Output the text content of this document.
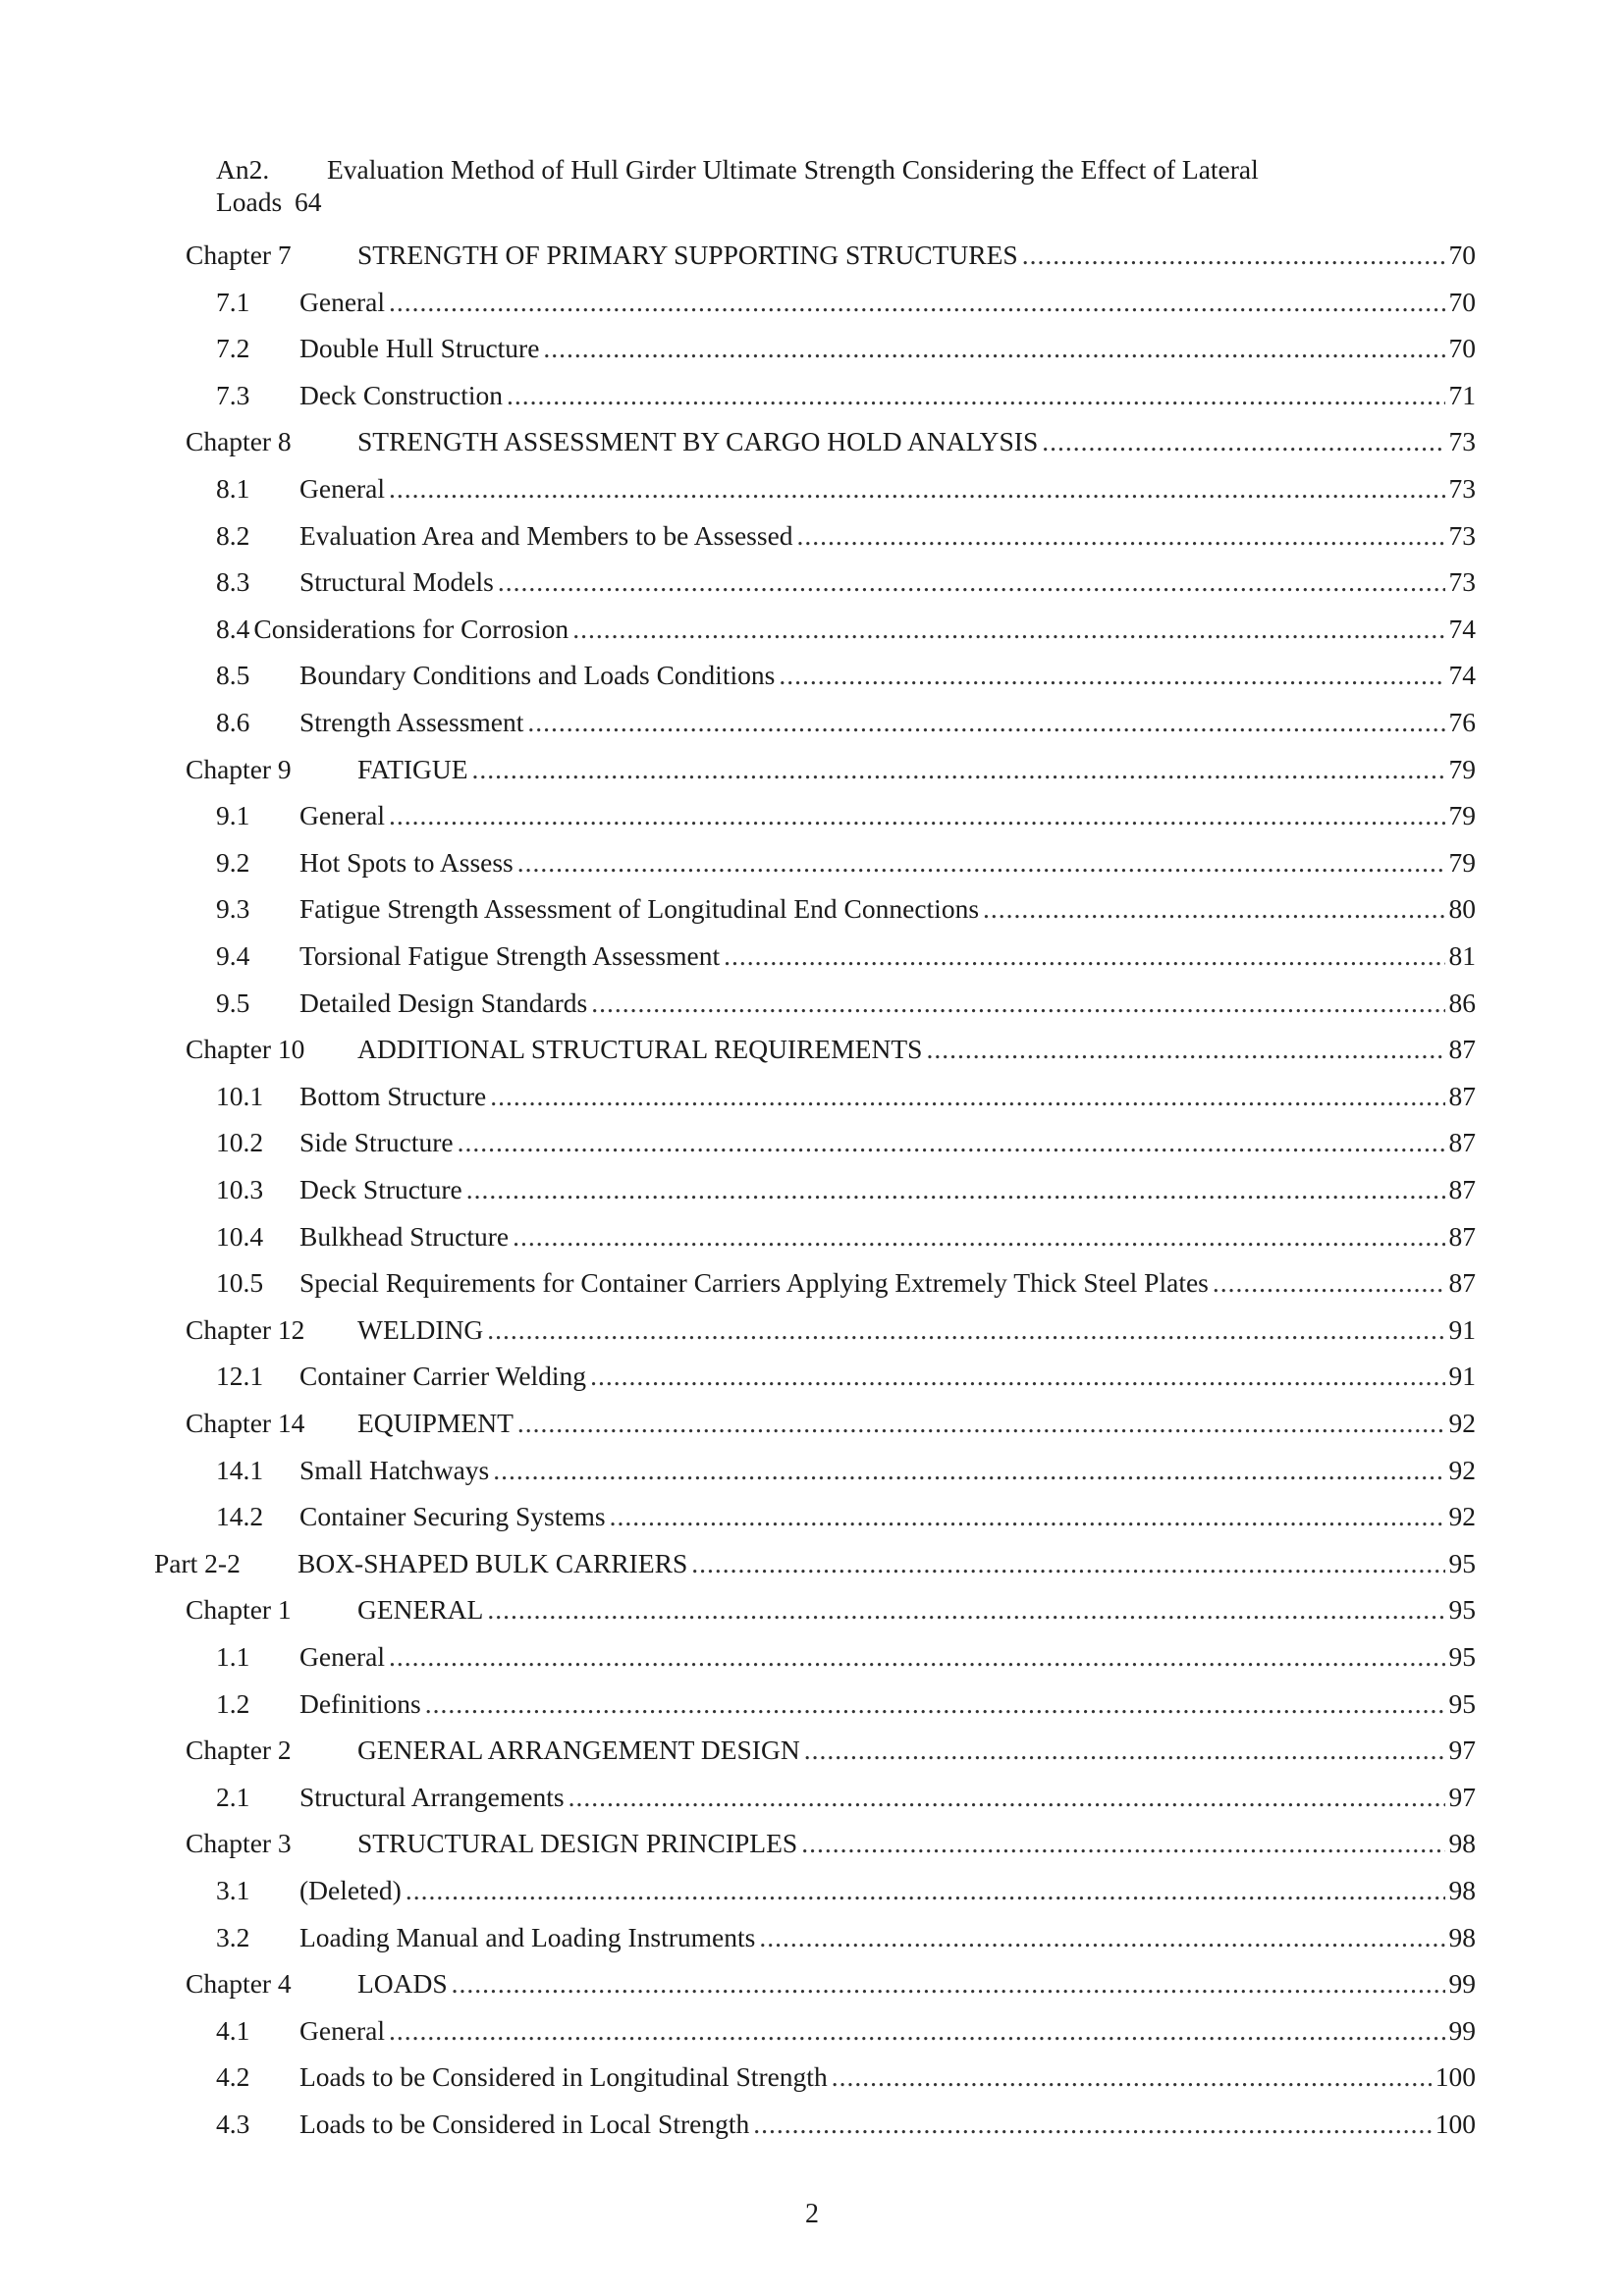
An2. Evaluation Method of Hull Girder Ultimate Strength Considering the Effect of Lateral
Loads 64
Chapter 7	STRENGTH OF PRIMARY SUPPORTING STRUCTURES .....	70
7.1	General .....	70
7.2	Double Hull Structure .....	70
7.3	Deck Construction .....	71
Chapter 8	STRENGTH ASSESSMENT BY CARGO HOLD ANALYSIS .....	73
8.1	General .....	73
8.2	Evaluation Area and Members to be Assessed .....	73
8.3	Structural Models .....	73
8.4 Considerations for Corrosion .....	74
8.5	Boundary Conditions and Loads Conditions .....	74
8.6	Strength Assessment .....	76
Chapter 9	FATIGUE .....	79
9.1	General .....	79
9.2	Hot Spots to Assess .....	79
9.3	Fatigue Strength Assessment of Longitudinal End Connections .....	80
9.4	Torsional Fatigue Strength Assessment .....	81
9.5	Detailed Design Standards .....	86
Chapter 10	ADDITIONAL STRUCTURAL REQUIREMENTS .....	87
10.1	Bottom Structure .....	87
10.2	Side Structure .....	87
10.3	Deck Structure .....	87
10.4	Bulkhead Structure .....	87
10.5	Special Requirements for Container Carriers Applying Extremely Thick Steel Plates .....	87
Chapter 12	WELDING .....	91
12.1	Container Carrier Welding .....	91
Chapter 14	EQUIPMENT .....	92
14.1	Small Hatchways .....	92
14.2	Container Securing Systems .....	92
Part 2-2	BOX-SHAPED BULK CARRIERS .....	95
Chapter 1	GENERAL .....	95
1.1	General .....	95
1.2	Definitions .....	95
Chapter 2	GENERAL ARRANGEMENT DESIGN .....	97
2.1	Structural Arrangements .....	97
Chapter 3	STRUCTURAL DESIGN PRINCIPLES .....	98
3.1	(Deleted) .....	98
3.2	Loading Manual and Loading Instruments .....	98
Chapter 4	LOADS .....	99
4.1	General .....	99
4.2	Loads to be Considered in Longitudinal Strength .....	100
4.3	Loads to be Considered in Local Strength .....	100
2
